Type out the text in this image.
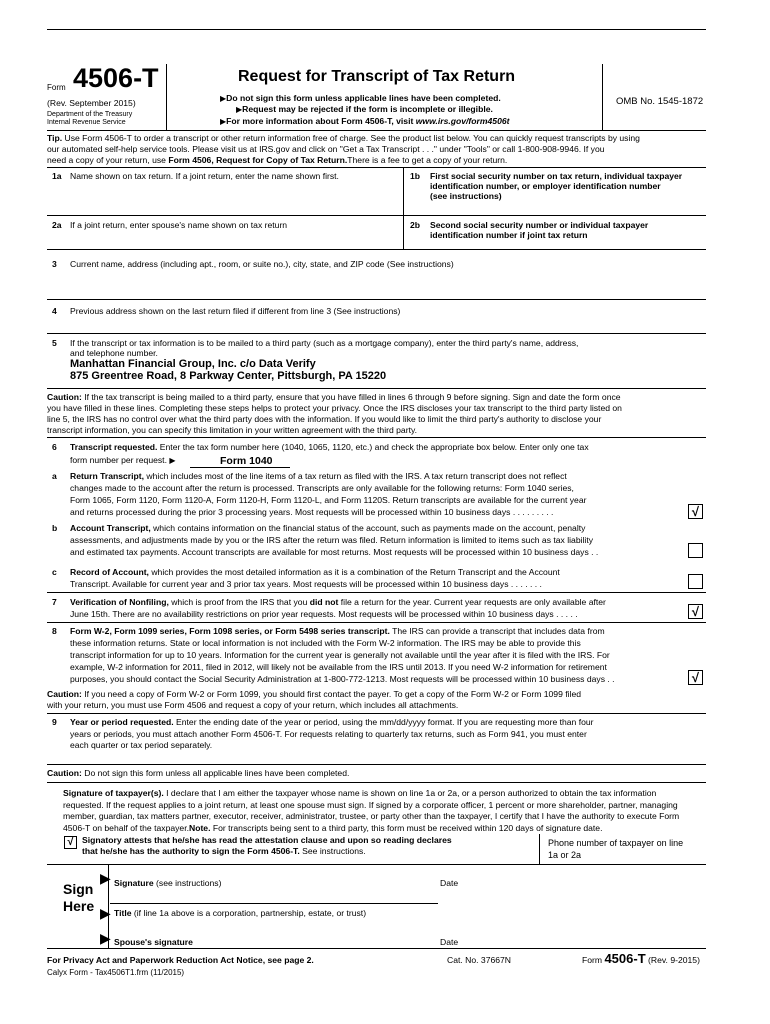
Form 4506-T
(Rev. September 2015)
Department of the Treasury
Internal Revenue Service
Request for Transcript of Tax Return
▶Do not sign this form unless applicable lines have been completed.
▶Request may be rejected if the form is incomplete or illegible.
▶For more information about Form 4506-T, visit www.irs.gov/form4506t
OMB No. 1545-1872
Tip. Use Form 4506-T to order a transcript or other return information free of charge. See the product list below. You can quickly request transcripts by using
our automated self-help service tools. Please visit us at IRS.gov and click on "Get a Tax Transcript . . ." under "Tools" or call 1-800-908-9946. If you
need a copy of your return, use Form 4506, Request for Copy of Tax Return.There is a fee to get a copy of your return.
1a Name shown on tax return. If a joint return, enter the name shown first.	1b First social security number on tax return, individual taxpayer
identification number, or employer identification number
(see instructions)
2a If a joint return, enter spouse's name shown on tax return	2b Second social security number or individual taxpayer
identification number if joint tax return
3 Current name, address (including apt., room, or suite no.), city, state, and ZIP code (See instructions)
4 Previous address shown on the last return filed if different from line 3 (See instructions)
5 If the transcript or tax information is to be mailed to a third party (such as a mortgage company), enter the third party's name, address,
and telephone number.
Manhattan Financial Group, Inc. c/o Data Verify
875 Greentree Road, 8 Parkway Center, Pittsburgh, PA 15220
Caution: If the tax transcript is being mailed to a third party, ensure that you have filled in lines 6 through 9 before signing. Sign and date the form once
you have filled in these lines. Completing these steps helps to protect your privacy. Once the IRS discloses your tax transcript to the third party listed on
line 5, the IRS has no control over what the third party does with the information. If you would like to limit the third party's authority to disclose your
transcript information, you can specify this limitation in your written agreement with the third party.
6 Transcript requested. Enter the tax form number here (1040, 1065, 1120, etc.) and check the appropriate box below. Enter only one tax
form number per request. ▶	Form 1040
a Return Transcript, which includes most of the line items of a tax return as filed with the IRS. A tax return transcript does not reflect
changes made to the account after the return is processed. Transcripts are only available for the following returns: Form 1040 series,
Form 1065, Form 1120, Form 1120-A, Form 1120-H, Form 1120-L, and Form 1120S. Return transcripts are available for the current year
and returns processed during the prior 3 processing years. Most requests will be processed within 10 business days . . . . . . . . .	√
b Account Transcript, which contains information on the financial status of the account, such as payments made on the account, penalty
assessments, and adjustments made by you or the IRS after the return was filed. Return information is limited to items such as tax liability
and estimated tax payments. Account transcripts are available for most returns. Most requests will be processed within 10 business days . .
c Record of Account, which provides the most detailed information as it is a combination of the Return Transcript and the Account
Transcript. Available for current year and 3 prior tax years. Most requests will be processed within 10 business days . . . . . . .
7 Verification of Nonfiling, which is proof from the IRS that you did not file a return for the year. Current year requests are only available after
June 15th. There are no availability restrictions on prior year requests. Most requests will be processed within 10 business days . . . . .	√
8 Form W-2, Form 1099 series, Form 1098 series, or Form 5498 series transcript. The IRS can provide a transcript that includes data from
these information returns. State or local information is not included with the Form W-2 information. The IRS may be able to provide this
transcript information for up to 10 years. Information for the current year is generally not available until the year after it is filed with the IRS. For
example, W-2 information for 2011, filed in 2012, will likely not be available from the IRS until 2013. If you need W-2 information for retirement
purposes, you should contact the Social Security Administration at 1-800-772-1213. Most requests will be processed within 10 business days . .	√
Caution: If you need a copy of Form W-2 or Form 1099, you should first contact the payer. To get a copy of the Form W-2 or Form 1099 filed
with your return, you must use Form 4506 and request a copy of your return, which includes all attachments.
9 Year or period requested. Enter the ending date of the year or period, using the mm/dd/yyyy format. If you are requesting more than four
years or periods, you must attach another Form 4506-T. For requests relating to quarterly tax returns, such as Form 941, you must enter
each quarter or tax period separately.
Caution: Do not sign this form unless all applicable lines have been completed.
Signature of taxpayer(s). I declare that I am either the taxpayer whose name is shown on line 1a or 2a, or a person authorized to obtain the tax information
requested. If the request applies to a joint return, at least one spouse must sign. If signed by a corporate officer, 1 percent or more shareholder, partner, managing
member, guardian, tax matters partner, executor, receiver, administrator, trustee, or party other than the taxpayer, I certify that I have the authority to execute Form
4506-T on behalf of the taxpayer.Note. For transcripts being sent to a third party, this form must be received within 120 days of signature date.
√ Signatory attests that he/she has read the attestation clause and upon so reading declares
that he/she has the authority to sign the Form 4506-T. See instructions.
Phone number of taxpayer on line
1a or 2a
Sign
Here
▶
▶
▶
Signature (see instructions)	Date
Title (if line 1a above is a corporation, partnership, estate, or trust)
Spouse's signature	Date
For Privacy Act and Paperwork Reduction Act Notice, see page 2.	Cat. No. 37667N	Form 4506-T (Rev. 9-2015)
Calyx Form - Tax4506T1.frm (11/2015)
